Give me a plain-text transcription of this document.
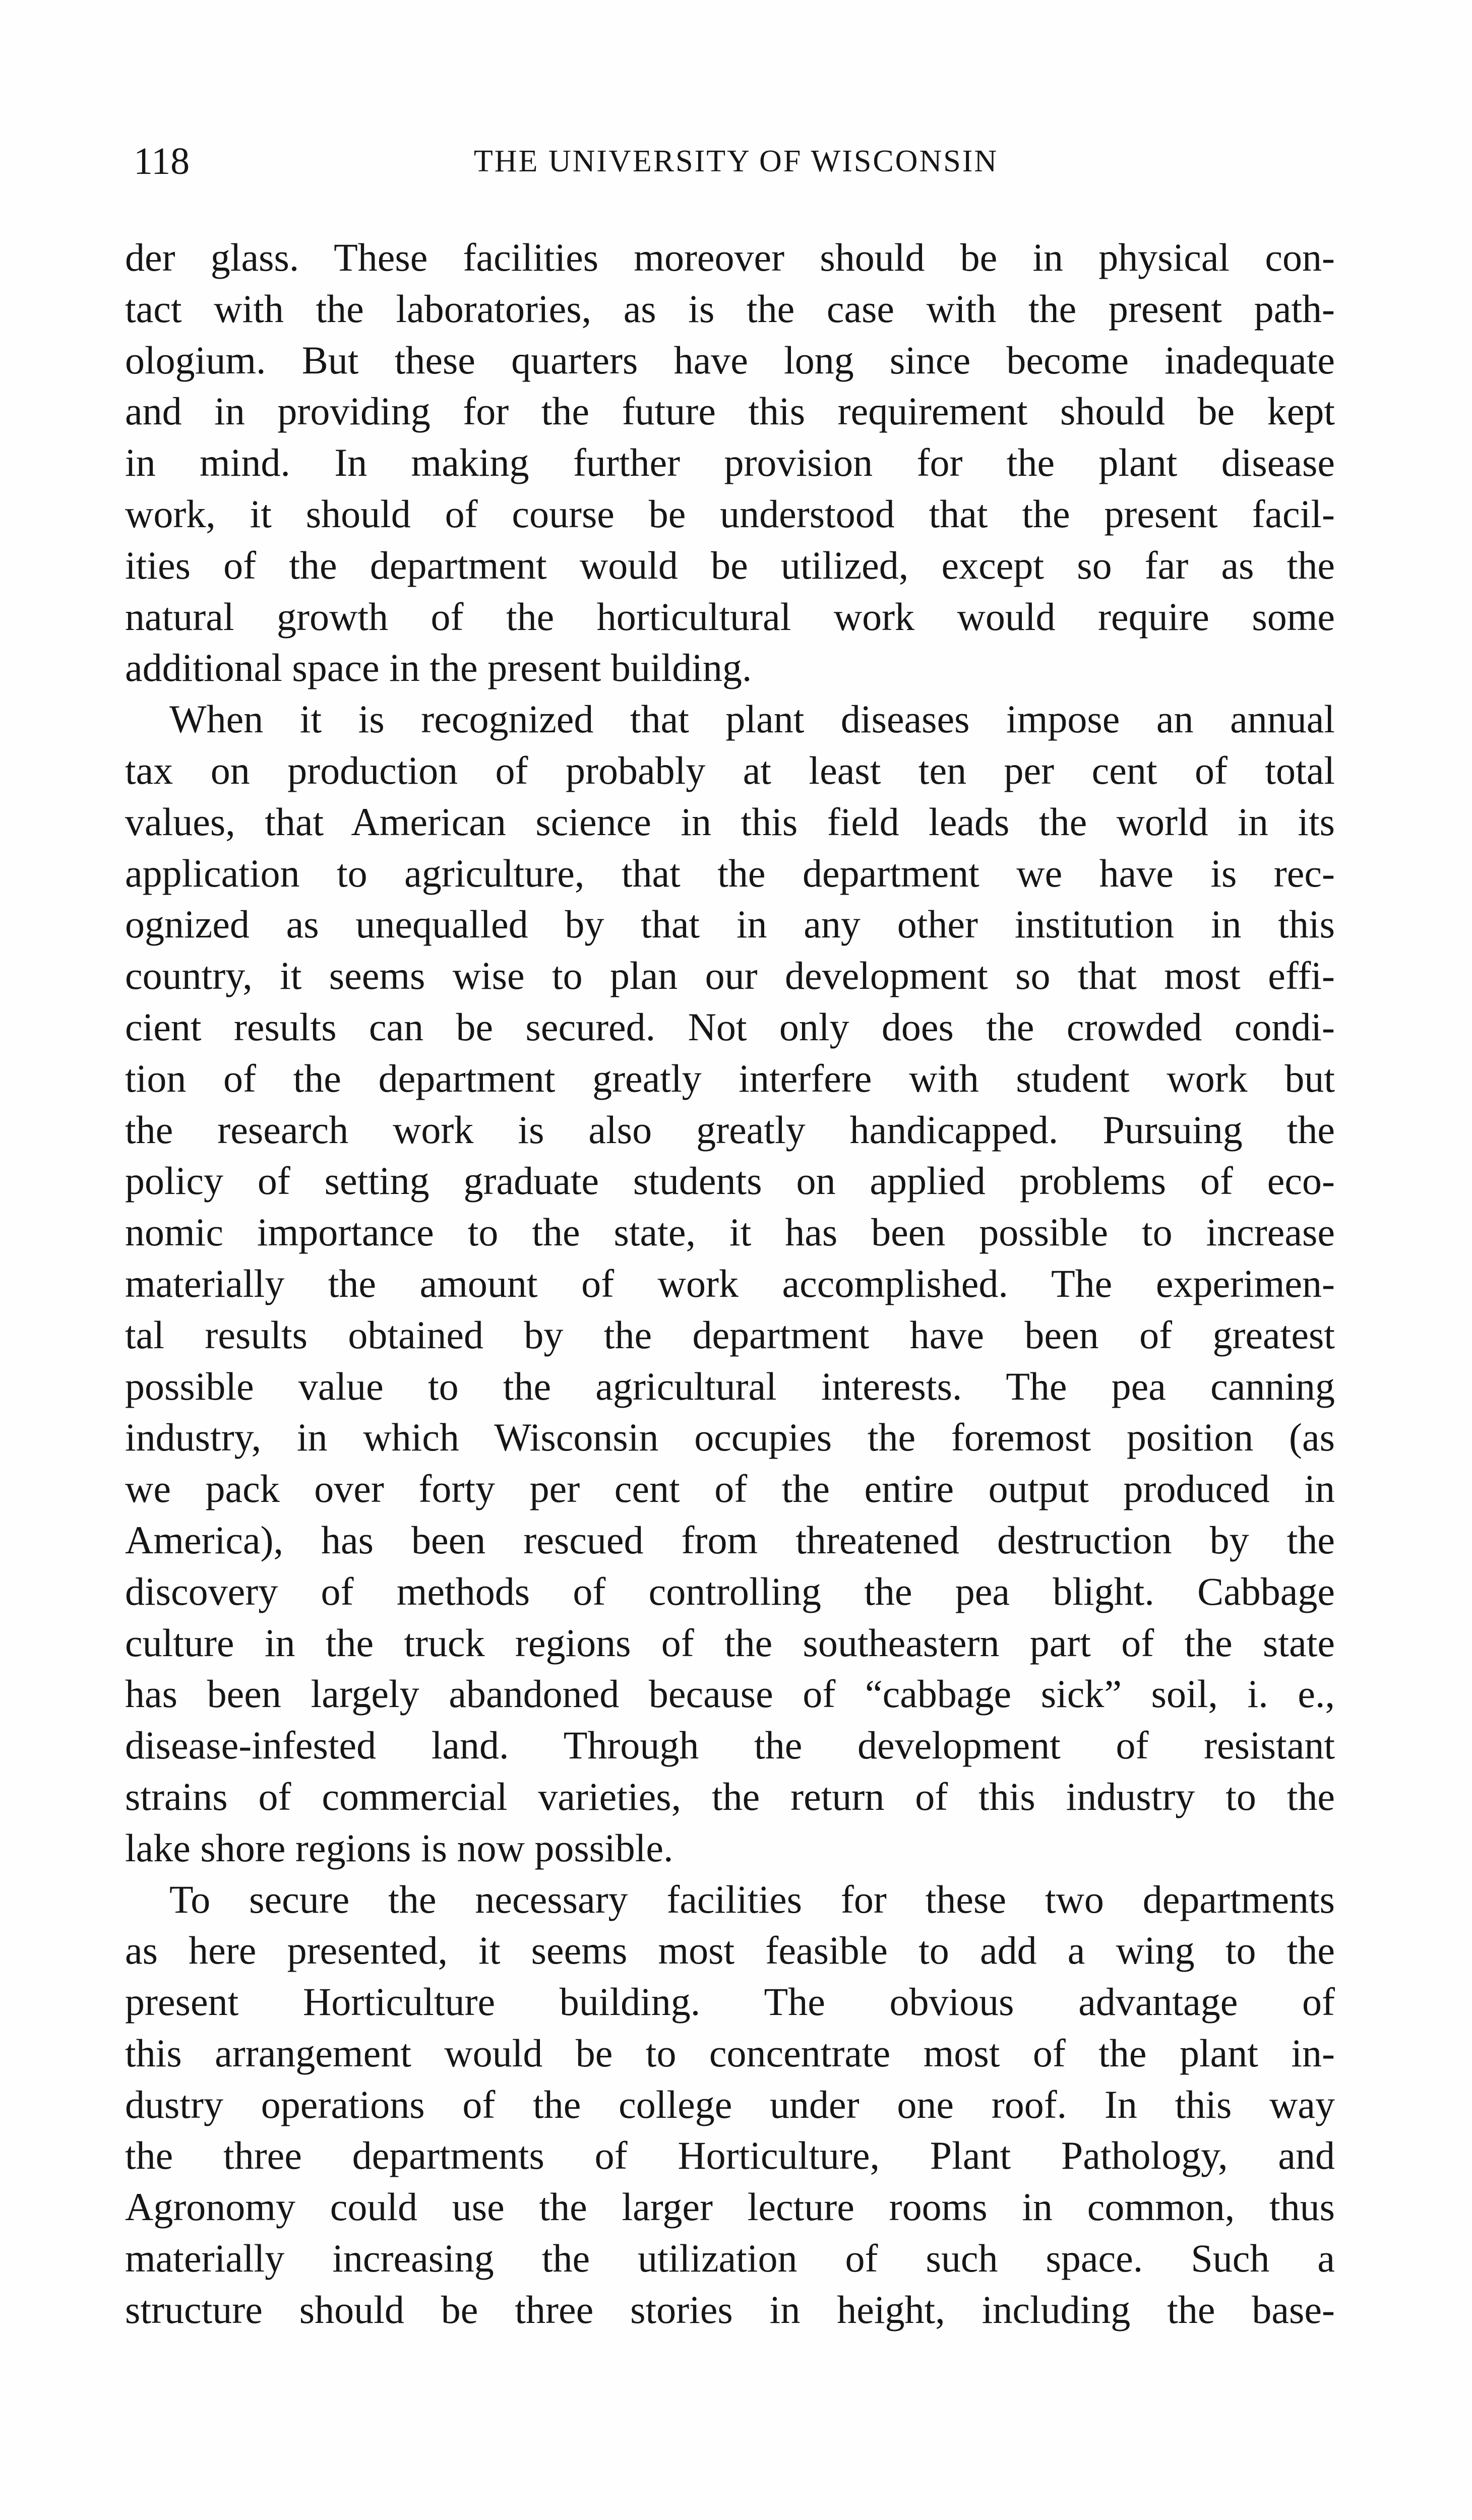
118	THE UNIVERSITY OF WISCONSIN
der glass. These facilities moreover should be in physical con-
tact with the laboratories, as is the case with the present path-
ologium. But these quarters have long since become inadequate
and in providing for the future this requirement should be kept
in mind. In making further provision for the plant disease
work, it should of course be understood that the present facil-
ities of the department would be utilized, except so far as the
natural growth of the horticultural work would require some
additional space in the present building.
When it is recognized that plant diseases impose an annual
tax on production of probably at least ten per cent of total
values, that American science in this field leads the world in its
application to agriculture, that the department we have is rec-
ognized as unequalled by that in any other institution in this
country, it seems wise to plan our development so that most effi-
cient results can be secured. Not only does the crowded condi-
tion of the department greatly interfere with student work but
the research work is also greatly handicapped. Pursuing the
policy of setting graduate students on applied problems of eco-
nomic importance to the state, it has been possible to increase
materially the amount of work accomplished. The experimen-
tal results obtained by the department have been of greatest
possible value to the agricultural interests. The pea canning
industry, in which Wisconsin occupies the foremost position (as
we pack over forty per cent of the entire output produced in
America), has been rescued from threatened destruction by the
discovery of methods of controlling the pea blight. Cabbage
culture in the truck regions of the southeastern part of the state
has been largely abandoned because of “cabbage sick” soil, i. e.,
disease-infested land. Through the development of resistant
strains of commercial varieties, the return of this industry to the
lake shore regions is now possible.
To secure the necessary facilities for these two departments
as here presented, it seems most feasible to add a wing to the
present Horticulture building. The obvious advantage of
this arrangement would be to concentrate most of the plant in-
dustry operations of the college under one roof. In this way
the three departments of Horticulture, Plant Pathology, and
Agronomy could use the larger lecture rooms in common, thus
materially increasing the utilization of such space. Such a
structure should be three stories in height, including the base-
